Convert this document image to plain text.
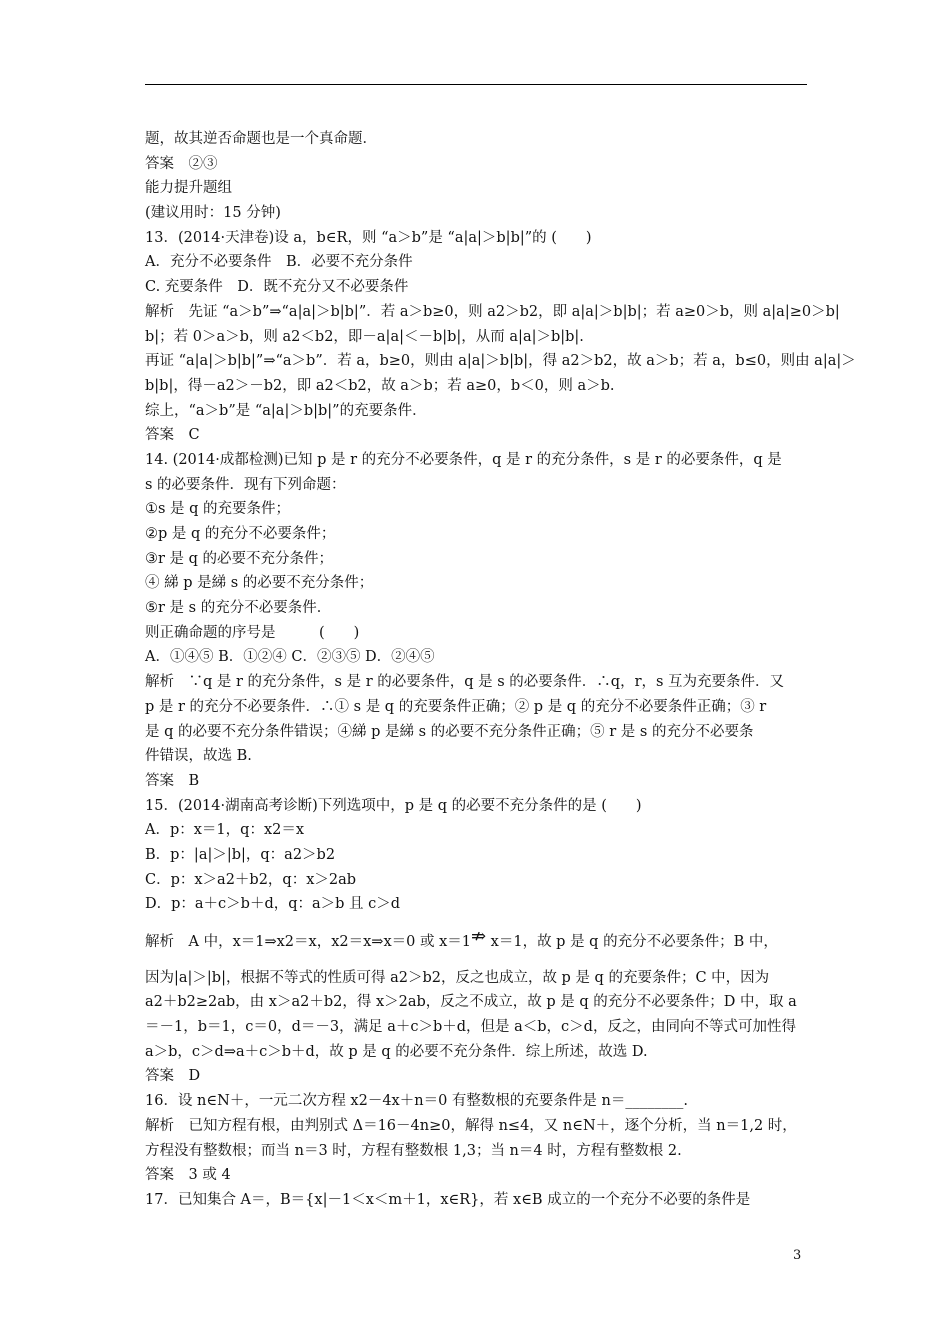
题，故其逆否命题也是一个真命题．
答案　②③
能力提升题组
(建议用时：15 分钟)
13．(2014·天津卷)设 a，b∈R，则 “a＞b”是 “a|a|＞b|b|”的 (　　)
A．充分不必要条件　B．必要不充分条件
C. 充要条件　D．既不充分又不必要条件
解析　先证 “a＞b”⇒“a|a|＞b|b|”．若 a＞b≥0，则 a2＞b2，即 a|a|＞b|b|；若 a≥0＞b，则 a|a|≥0＞b|
b|；若 0＞a＞b，则 a2＜b2，即－a|a|＜－b|b|，从而 a|a|＞b|b|.
再证 “a|a|＞b|b|”⇒“a＞b”．若 a，b≥0，则由 a|a|＞b|b|，得 a2＞b2，故 a＞b；若 a，b≤0，则由 a|a|＞
b|b|，得－a2＞－b2，即 a2＜b2，故 a＞b；若 a≥0，b＜0，则 a＞b.
综上，“a＞b”是 “a|a|＞b|b|”的充要条件．
答案　C
14. (2014·成都检测)已知 p 是 r 的充分不必要条件，q 是 r 的充分条件，s 是 r 的必要条件，q 是
s 的必要条件．现有下列命题：
①s 是 q 的充要条件；
②p 是 q 的充分不必要条件；
③r 是 q 的必要不充分条件；
④ 綈 p 是綈 s 的必要不充分条件；
⑤r 是 s 的充分不必要条件．
则正确命题的序号是　　　(　　)
A．①④⑤ B．①②④ C．②③⑤ D．②④⑤
解析　∵q 是 r 的充分条件，s 是 r 的必要条件，q 是 s 的必要条件．∴q，r，s 互为充要条件．又
p 是 r 的充分不必要条件．∴① s 是 q 的充要条件正确；② p 是 q 的充分不必要条件正确；③ r
是 q 的必要不充分条件错误；④綈 p 是綈 s 的必要不充分条件正确；⑤ r 是 s 的充分不必要条
件错误，故选 B.
答案　B
15．(2014·湖南高考诊断)下列选项中，p 是 q 的必要不充分条件的是 (　　)
A．p：x＝1，q：x2＝x
B．p：|a|＞|b|，q：a2＞b2
C．p：x＞a2＋b2，q：x＞2ab
D．p：a＋c＞b＋d，q：a＞b 且 c＞d
解析　A 中，x＝1⇒x2＝x，x2＝x⇒x＝0 或 x＝1⇏ x＝1，故 p 是 q 的充分不必要条件；B 中，
因为|a|＞|b|，根据不等式的性质可得 a2＞b2，反之也成立，故 p 是 q 的充要条件；C 中，因为
a2＋b2≥2ab，由 x＞a2＋b2，得 x＞2ab，反之不成立，故 p 是 q 的充分不必要条件；D 中，取 a
＝－1，b＝1，c＝0，d＝－3，满足 a＋c＞b＋d，但是 a＜b，c＞d，反之，由同向不等式可加性得
a＞b，c＞d⇒a＋c＞b＋d，故 p 是 q 的必要不充分条件．综上所述，故选 D.
答案　D
16．设 n∈N＋，一元二次方程 x2－4x＋n＝0 有整数根的充要条件是 n＝________.
解析　已知方程有根，由判别式 Δ＝16－4n≥0，解得 n≤4，又 n∈N＋，逐个分析，当 n＝1,2 时，
方程没有整数根；而当 n＝3 时，方程有整数根 1,3；当 n＝4 时，方程有整数根 2.
答案　3 或 4
17．已知集合 A＝，B＝{x|－1＜x＜m＋1，x∈R}，若 x∈B 成立的一个充分不必要的条件是
3
